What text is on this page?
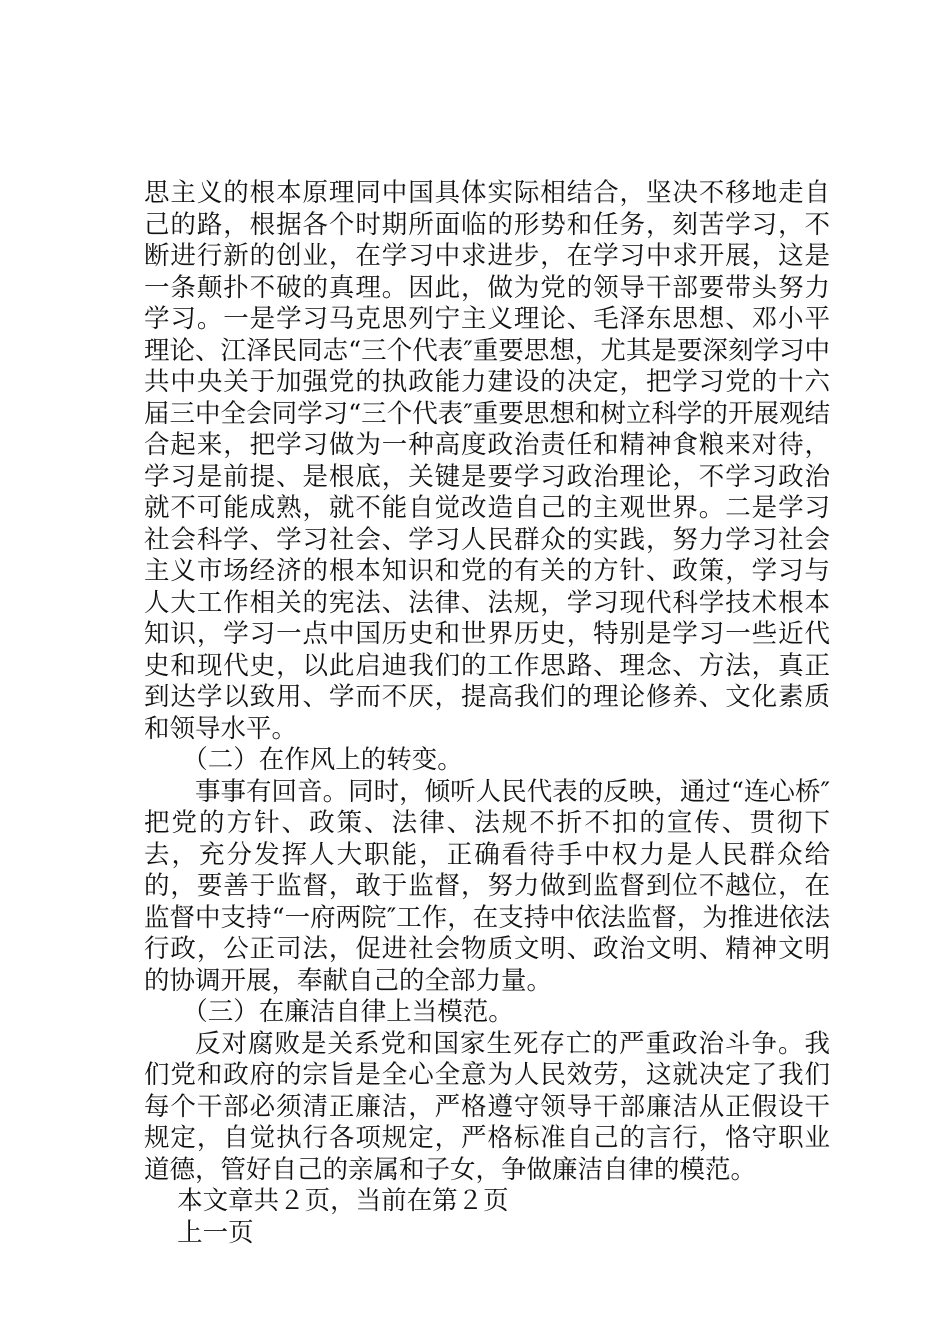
思主义的根本原理同中国具体实际相结合，坚决不移地走自己的路，根据各个时期所面临的形势和任务，刻苦学习，不断进行新的创业，在学习中求进步，在学习中求开展，这是一条颠扑不破的真理。因此，做为党的领导干部要带头努力学习。一是学习马克思列宁主义理论、毛泽东思想、邓小平理论、江泽民同志“三个代表″重要思想，尤其是要深刻学习中共中央关于加强党的执政能力建设的决定，把学习党的十六届三中全会同学习“三个代表″重要思想和树立科学的开展观结合起来，把学习做为一种高度政治责任和精神食粮来对待，学习是前提、是根底，关键是要学习政治理论，不学习政治就不可能成熟，就不能自觉改造自己的主观世界。二是学习社会科学、学习社会、学习人民群众的实践，努力学习社会主义市场经济的根本知识和党的有关的方针、政策，学习与人大工作相关的宪法、法律、法规，学习现代科学技术根本知识，学习一点中国历史和世界历史，特别是学习一些近代史和现代史，以此启迪我们的工作思路、理念、方法，真正到达学以致用、学而不厌，提高我们的理论修养、文化素质和领导水平。

（二）在作风上的转变。

事事有回音。同时，倾听人民代表的反映，通过“连心桥″把党的方针、政策、法律、法规不折不扣的宣传、贯彻下去，充分发挥人大职能，正确看待手中权力是人民群众给的，要善于监督，敢于监督，努力做到监督到位不越位，在监督中支持“一府两院″工作，在支持中依法监督，为推进依法行政，公正司法，促进社会物质文明、政治文明、精神文明的协调开展，奉献自己的全部力量。

（三）在廉洁自律上当模范。

反对腐败是关系党和国家生死存亡的严重政治斗争。我们党和政府的宗旨是全心全意为人民效劳，这就决定了我们每个干部必须清正廉洁，严格遵守领导干部廉洁从正假设干规定，自觉执行各项规定，严格标准自己的言行，恪守职业道德，管好自己的亲属和子女，争做廉洁自律的模范。

本文章共２页，当前在第２页

上一页
